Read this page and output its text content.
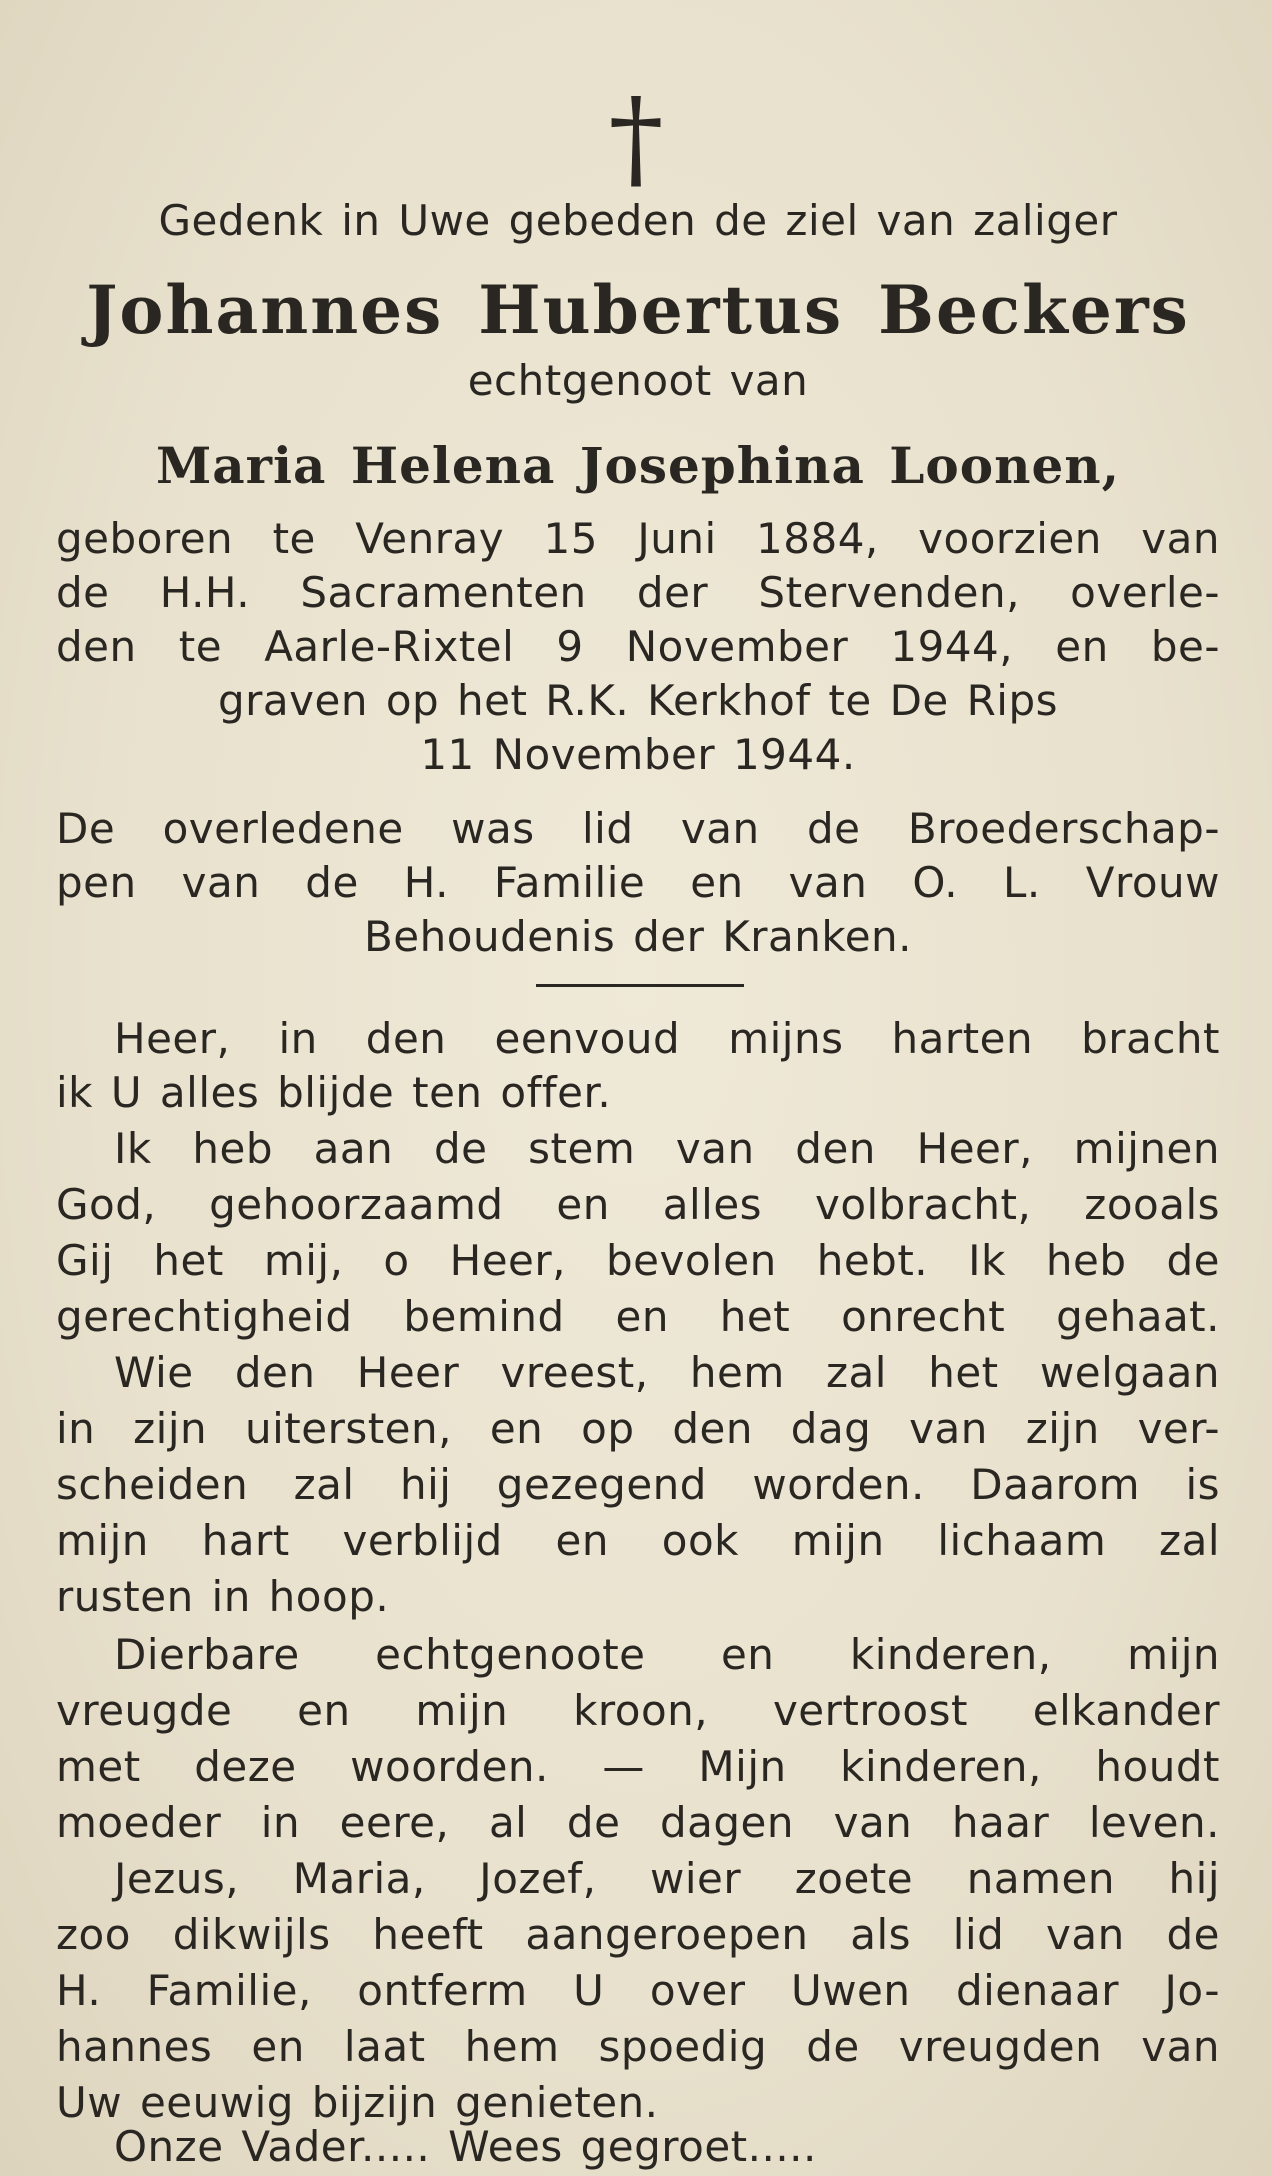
†
Gedenk in Uwe gebeden de ziel van zaliger
Johannes Hubertus Beckers
echtgenoot van
Maria Helena Josephina Loonen,
geboren te Venray 15 Juni 1884, voorzien van
de H.H. Sacramenten der Stervenden, overle-
den te Aarle-Rixtel 9 November 1944, en be-
graven op het R.K. Kerkhof te De Rips
11 November 1944.
De overledene was lid van de Broederschap-
pen van de H. Familie en van O. L. Vrouw
Behoudenis der Kranken.
Heer, in den eenvoud mijns harten bracht
ik U alles blijde ten offer.
Ik heb aan de stem van den Heer, mijnen
God, gehoorzaamd en alles volbracht, zooals
Gij het mij, o Heer, bevolen hebt. Ik heb de
gerechtigheid bemind en het onrecht gehaat.
Wie den Heer vreest, hem zal het welgaan
in zijn uitersten, en op den dag van zijn ver-
scheiden zal hij gezegend worden. Daarom is
mijn hart verblijd en ook mijn lichaam zal
rusten in hoop.
Dierbare echtgenoote en kinderen, mijn
vreugde en mijn kroon, vertroost elkander
met deze woorden. — Mijn kinderen, houdt
moeder in eere, al de dagen van haar leven.
Jezus, Maria, Jozef, wier zoete namen hij
zoo dikwijls heeft aangeroepen als lid van de
H. Familie, ontferm U over Uwen dienaar Jo-
hannes en laat hem spoedig de vreugden van
Uw eeuwig bijzijn genieten.
Onze Vader..... Wees gegroet.....
